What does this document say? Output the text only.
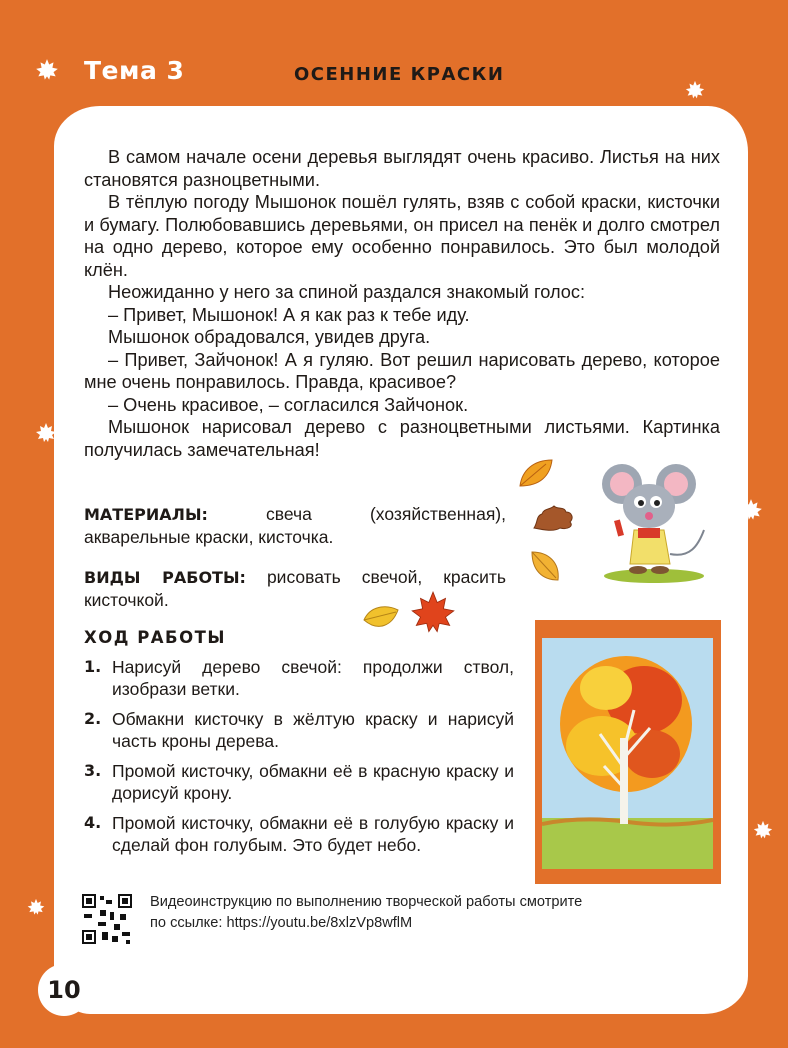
Тема 3	ОСЕННИЕ КРАСКИ

В самом начале осени деревья выглядят очень красиво. Листья на них становятся разноцветными.

В тёплую погоду Мышонок пошёл гулять, взяв с собой краски, кисточки и бумагу. Полюбовавшись деревьями, он присел на пенёк и долго смотрел на одно дерево, которое ему особенно понравилось. Это был молодой клён.

Неожиданно у него за спиной раздался знакомый голос:

– Привет, Мышонок! А я как раз к тебе иду.

Мышонок обрадовался, увидев друга.

– Привет, Зайчонок! А я гуляю. Вот решил нарисовать дерево, которое мне очень понравилось. Правда, красивое?

– Очень красивое, – согласился Зайчонок.

Мышонок нарисовал дерево с разноцветными листьями. Картинка получилась замечательная!

МАТЕРИАЛЫ: свеча (хозяйственная), акварельные краски, кисточка.
ВИДЫ РАБОТЫ: рисовать свечой, красить кисточкой.
ХОД РАБОТЫ
1. Нарисуй дерево свечой: продолжи ствол, изобрази ветки.
2. Обмакни кисточку в жёлтую краску и нарисуй часть кроны дерева.
3. Промой кисточку, обмакни её в красную краску и дорисуй крону.
4. Промой кисточку, обмакни её в голубую краску и сделай фон голубым. Это будет небо.
Видеоинструкцию по выполнению творческой работы смотрите
по ссылке: https://youtu.be/8xlzVp8wflM
10
